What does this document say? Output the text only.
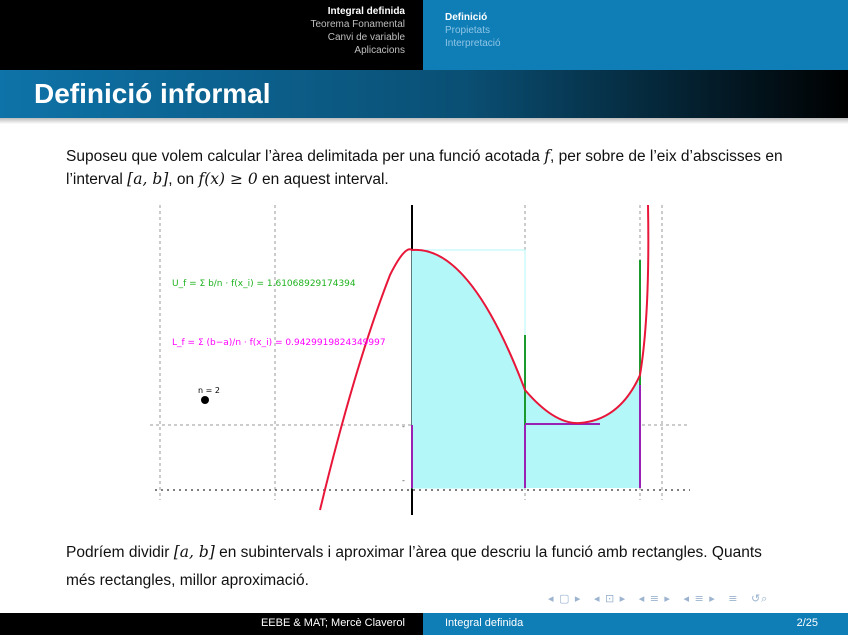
Integral definida
Teorema Fonamental
Canvi de variable
Aplicacions
Definició
Propietats
Interpretació
Definició informal
Suposeu que volem calcular l’àrea delimitada per una funció acotada f, per sobre de l’eix d’abscisses en l’interval [a, b], on f(x) ≥ 0 en aquest interval.
-
-
U_f = Σ b/n · f(x_i) = 1.61068929174394
L_f = Σ (b−a)/n · f(x_i) = 0.9429919824349997
n = 2
Podríem dividir [a, b] en subintervals i aproximar l’àrea que descriu la funció amb rectangles. Quants més rectangles, millor aproximació.
◂ ▢ ▸ ◂ ⊡ ▸ ◂ ≡ ▸ ◂ ≡ ▸ ≡ ↺⌕
EEBE & MAT; Mercè Claverol	Integral definida	2/25
